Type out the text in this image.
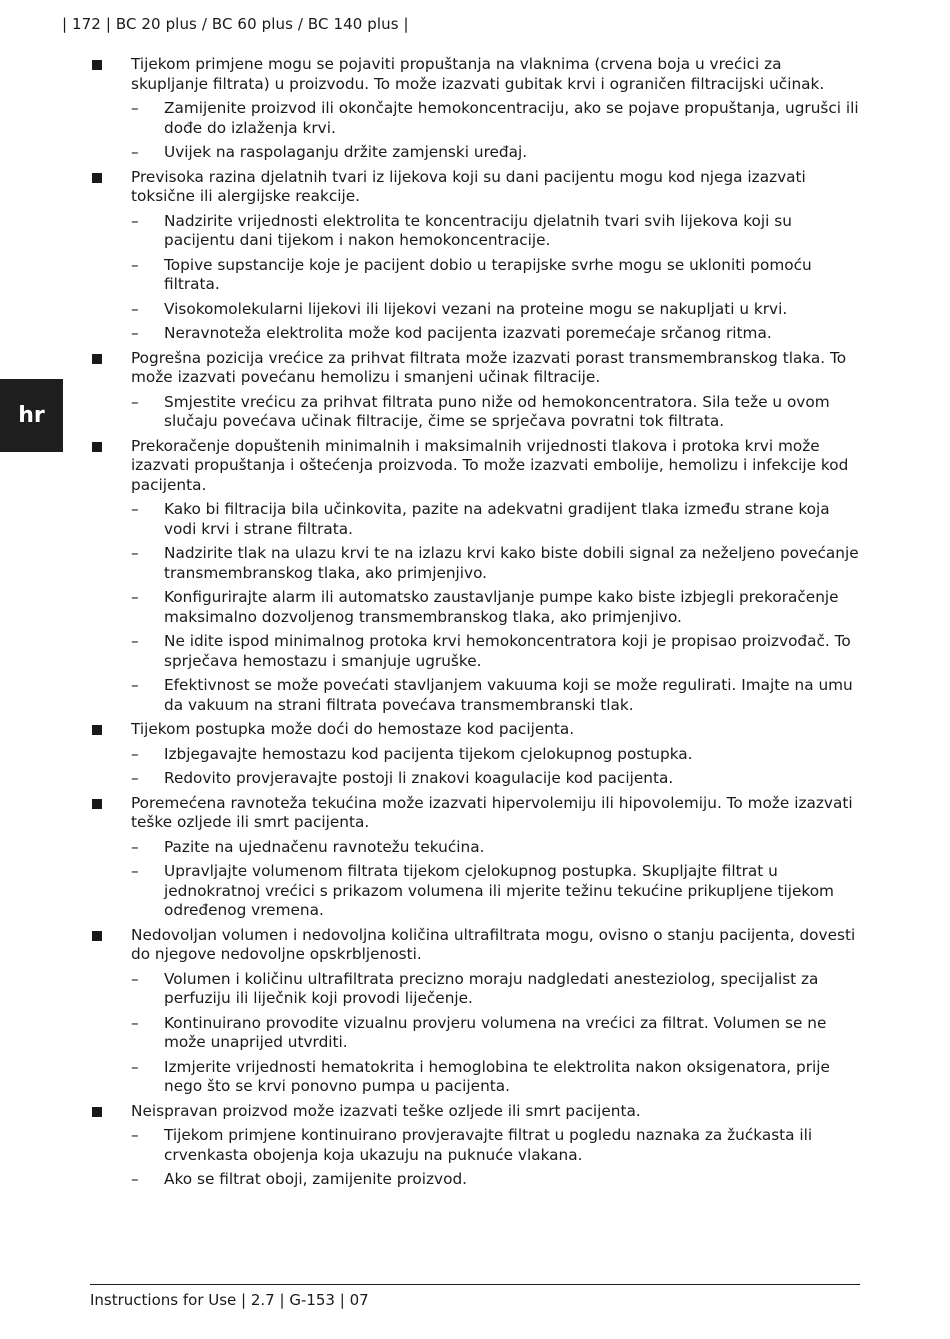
| 172 | BC 20 plus / BC 60 plus / BC 140 plus |
hr
Tijekom primjene mogu se pojaviti propuštanja na vlaknima (crvena boja u vrećici za skupljanje filtrata) u proizvodu. To može izazvati gubitak krvi i ograničen filtracijski učinak.
– Zamijenite proizvod ili okončajte hemokoncentraciju, ako se pojave propuštanja, ugrušci ili dođe do izlaženja krvi.
– Uvijek na raspolaganju držite zamjenski uređaj.
Previsoka razina djelatnih tvari iz lijekova koji su dani pacijentu mogu kod njega izazvati toksične ili alergijske reakcije.
– Nadzirite vrijednosti elektrolita te koncentraciju djelatnih tvari svih lijekova koji su pacijentu dani tijekom i nakon hemokoncentracije.
– Topive supstancije koje je pacijent dobio u terapijske svrhe mogu se ukloniti pomoću filtrata.
– Visokomolekularni lijekovi ili lijekovi vezani na proteine mogu se nakupljati u krvi.
– Neravnoteža elektrolita može kod pacijenta izazvati poremećaje srčanog ritma.
Pogrešna pozicija vrećice za prihvat filtrata može izazvati porast transmembranskog tlaka. To može izazvati povećanu hemolizu i smanjeni učinak filtracije.
– Smjestite vrećicu za prihvat filtrata puno niže od hemokoncentratora. Sila teže u ovom slučaju povećava učinak filtracije, čime se sprječava povratni tok filtrata.
Prekoračenje dopuštenih minimalnih i maksimalnih vrijednosti tlakova i protoka krvi može izazvati propuštanja i oštećenja proizvoda. To može izazvati embolije, hemolizu i infekcije kod pacijenta.
– Kako bi filtracija bila učinkovita, pazite na adekvatni gradijent tlaka između strane koja vodi krvi i strane filtrata.
– Nadzirite tlak na ulazu krvi te na izlazu krvi kako biste dobili signal za neželjeno povećanje transmembranskog tlaka, ako primjenjivo.
– Konfigurirajte alarm ili automatsko zaustavljanje pumpe kako biste izbjegli prekoračenje maksimalno dozvoljenog transmembranskog tlaka, ako primjenjivo.
– Ne idite ispod minimalnog protoka krvi hemokoncentratora koji je propisao proizvođač. To sprječava hemostazu i smanjuje ugruške.
– Efektivnost se može povećati stavljanjem vakuuma koji se može regulirati. Imajte na umu da vakuum na strani filtrata povećava transmembranski tlak.
Tijekom postupka može doći do hemostaze kod pacijenta.
– Izbjegavajte hemostazu kod pacijenta tijekom cjelokupnog postupka.
– Redovito provjeravajte postoji li znakovi koagulacije kod pacijenta.
Poremećena ravnoteža tekućina može izazvati hipervolemiju ili hipovolemiju. To može izazvati teške ozljede ili smrt pacijenta.
– Pazite na ujednačenu ravnotežu tekućina.
– Upravljajte volumenom filtrata tijekom cjelokupnog postupka. Skupljajte filtrat u jednokratnoj vrećici s prikazom volumena ili mjerite težinu tekućine prikupljene tijekom određenog vremena.
Nedovoljan volumen i nedovoljna količina ultrafiltrata mogu, ovisno o stanju pacijenta, dovesti do njegove nedovoljne opskrbljenosti.
– Volumen i količinu ultrafiltrata precizno moraju nadgledati anesteziolog, specijalist za perfuziju ili liječnik koji provodi liječenje.
– Kontinuirano provodite vizualnu provjeru volumena na vrećici za filtrat. Volumen se ne može unaprijed utvrditi.
– Izmjerite vrijednosti hematokrita i hemoglobina te elektrolita nakon oksigenatora, prije nego što se krvi ponovno pumpa u pacijenta.
Neispravan proizvod može izazvati teške ozljede ili smrt pacijenta.
– Tijekom primjene kontinuirano provjeravajte filtrat u pogledu naznaka za žućkasta ili crvenkasta obojenja koja ukazuju na puknuće vlakana.
– Ako se filtrat oboji, zamijenite proizvod.
Instructions for Use | 2.7 | G-153 | 07
